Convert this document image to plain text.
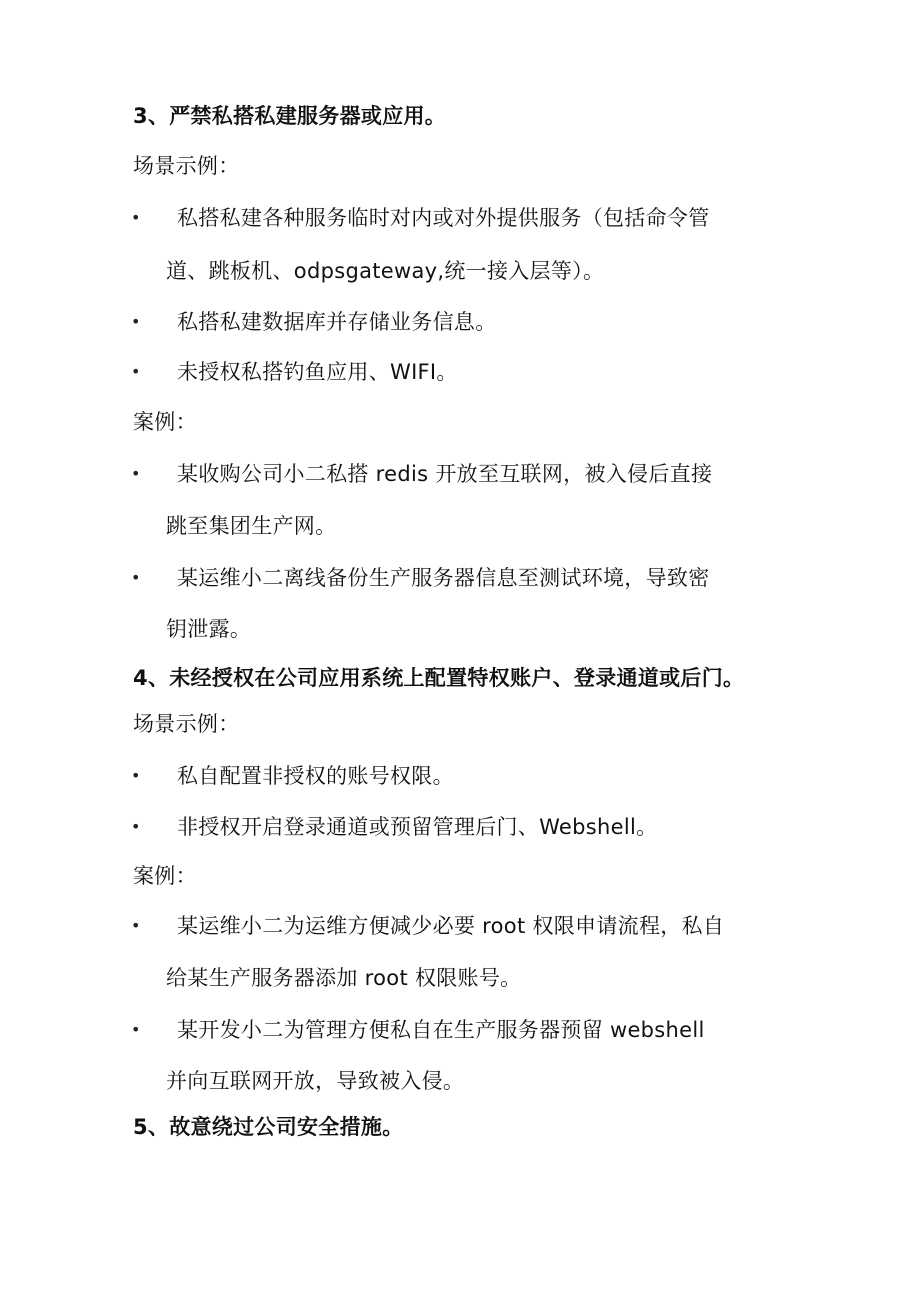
3、严禁私搭私建服务器或应用。
场景示例：
• 私搭私建各种服务临时对内或对外提供服务（包括命令管
道、跳板机、odpsgateway,统一接入层等）。
• 私搭私建数据库并存储业务信息。
• 未授权私搭钓鱼应用、WIFI。
案例：
• 某收购公司小二私搭 redis 开放至互联网，被入侵后直接
跳至集团生产网。
• 某运维小二离线备份生产服务器信息至测试环境，导致密
钥泄露。
4、未经授权在公司应用系统上配置特权账户、登录通道或后门。
场景示例：
• 私自配置非授权的账号权限。
• 非授权开启登录通道或预留管理后门、Webshell。
案例：
• 某运维小二为运维方便减少必要 root 权限申请流程，私自
给某生产服务器添加 root 权限账号。
• 某开发小二为管理方便私自在生产服务器预留 webshell
并向互联网开放，导致被入侵。
5、故意绕过公司安全措施。
